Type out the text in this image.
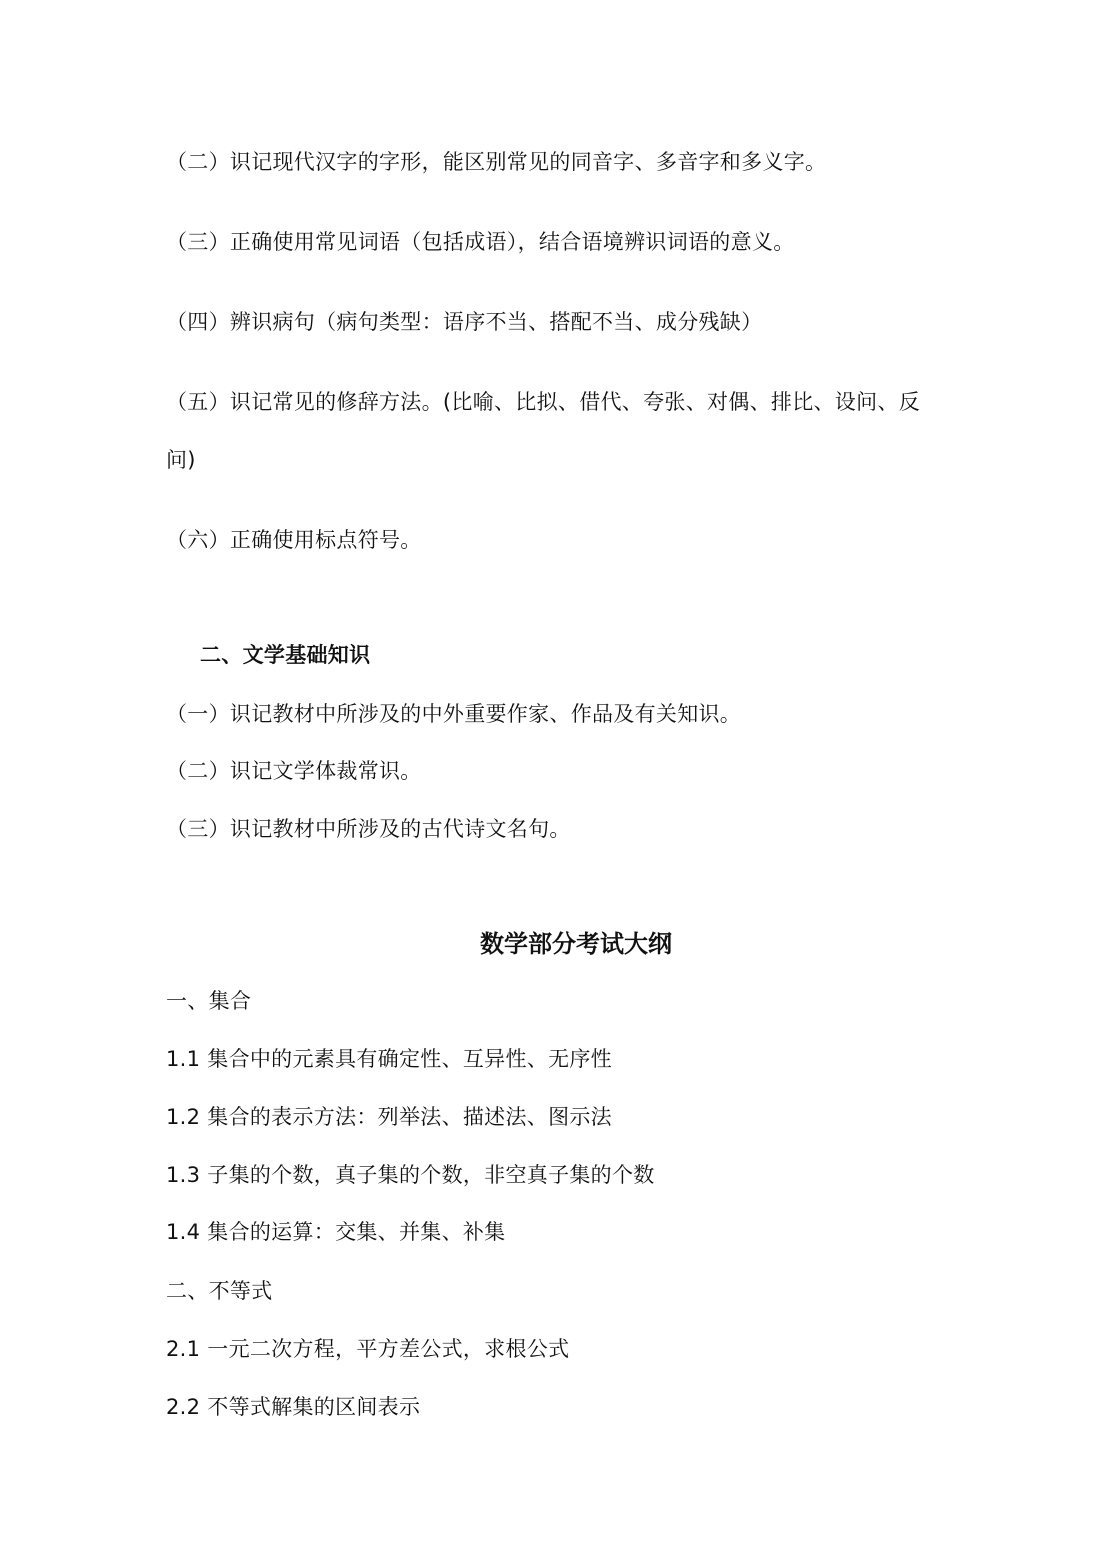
（二）识记现代汉字的字形，能区别常见的同音字、多音字和多义字。
（三）正确使用常见词语（包括成语），结合语境辨识词语的意义。
（四）辨识病句（病句类型：语序不当、搭配不当、成分残缺）
（五）识记常见的修辞方法。(比喻、比拟、借代、夸张、对偶、排比、设问、反
问)
（六）正确使用标点符号。
二、文学基础知识
（一）识记教材中所涉及的中外重要作家、作品及有关知识。
（二）识记文学体裁常识。
（三）识记教材中所涉及的古代诗文名句。
数学部分考试大纲
一、集合
1.1 集合中的元素具有确定性、互异性、无序性
1.2 集合的表示方法：列举法、描述法、图示法
1.3 子集的个数，真子集的个数，非空真子集的个数
1.4 集合的运算：交集、并集、补集
二、不等式
2.1 一元二次方程，平方差公式，求根公式
2.2 不等式解集的区间表示
